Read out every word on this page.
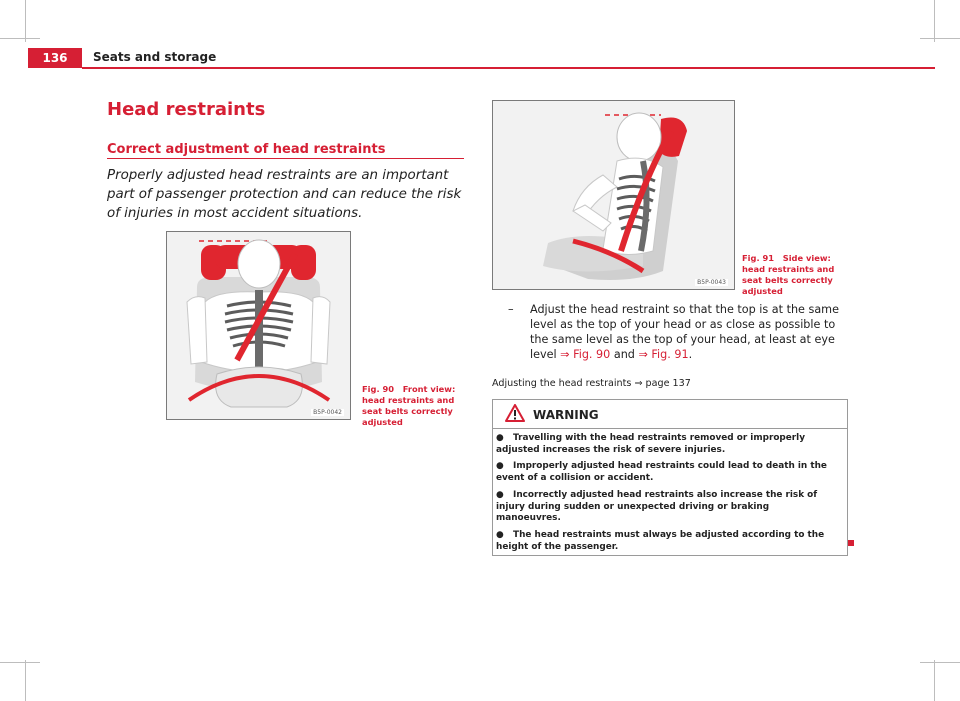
136	Seats and storage
Head restraints
Correct adjustment of head restraints
Properly adjusted head restraints are an important part of passenger protection and can reduce the risk of injuries in most accident situations.
B5P-0042
Fig. 90 Front view: head restraints and seat belts correctly adjusted
B5P-0043
Fig. 91 Side view: head restraints and seat belts correctly adjusted
– Adjust the head restraint so that the top is at the same level as the top of your head or as close as possible to the same level as the top of your head, at least at eye level ⇒ Fig. 90 and ⇒ Fig. 91.
Adjusting the head restraints ⇒ page 137
WARNING

● Travelling with the head restraints removed or improperly adjusted increases the risk of severe injuries.

● Improperly adjusted head restraints could lead to death in the event of a collision or accident.

● Incorrectly adjusted head restraints also increase the risk of injury during sudden or unexpected driving or braking manoeuvres.

● The head restraints must always be adjusted according to the height of the passenger.
